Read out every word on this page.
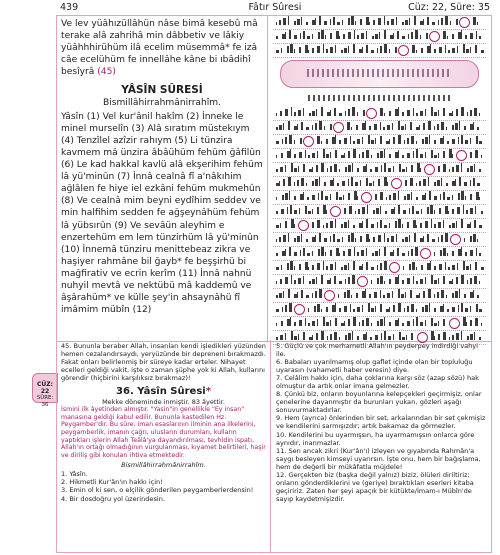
439	Fâtır Sûresi	Cüz: 22, Süre: 35
CÜZ: 22
SÜRE: 36

Ve lev yüâhızüllâhün nâse bimâ kesebû mâ terake alâ zahrihâ min dâbbetiv ve lâkiy yüâhhhirühüm ilâ ecelim müsemmâ* fe izâ câe ecelühüm fe innellâhe kâne bi ıbâdihî besîyrâ (45)

YÂSÎN SÛRESİ

Bismillâhirrahmânirrahîm.

Yâsîn (1) Vel kur'ânil hakîm (2) İnneke le minel murselîn (3) Alâ sıratım müstekıym (4) Tenzîlel azîzir rahıym (5) Li tünzira kavmem mâ ünzira âbâühüm fehüm ğâfilûn (6) Le kad hakkal kavlü alâ ekşerihim fehüm lâ yü'minûn (7) İnnâ cealnâ fî a'nâkıhim ağlâlen fe hiye iel ezkâni fehüm mukmehûn (8) Ve cealnâ mim beyni eydîhim seddev ve min halfihim sedden fe ağşeynâhüm fehüm lâ yübsırûn (9) Ve sevâün aleyhim e enzertehüm em lem tünzirhüm lâ yü'minûn (10) İnnemâ tünziru menittebeaz zikra ve haşiyer rahmâne bil ğayb* fe beşşirhü bi mağfirativ ve ecrin kerîm (11) İnnâ nahnü nuhyil mevtâ ve nektübü mâ kaddemû ve âşârahüm* ve külle şey'in ahsaynâhü fî imâmim mübîn (12)

45. Bununla beraber Allah, insanları kendi işledikleri yüzünden hemen cezalandırsaydı, yeryüzünde bir depreneni bırakmazdı. Fakat onları belirlenmiş bir süreye kadar erteler. Nihayet ecelleri geldiği vakit, işte o zaman şüphe yok ki Allah, kullarını görendir (hiçbirini karşılıksız bırakmaz)!

36. Yâsîn Sûresi*

Mekke döneminde inmiştir. 83 âyettir.

İsmini ilk âyetinden almıştır. "Yasin"in genellikle "Ey insan" manasına geldiği kabul edilir. Bununla kastedilen Hz. Peygamber'dir. Bu süre, iman esaslarının ilminin ana ilkelerini, peygamberlik, imanın çağrı, ulusların durumları, kulların yaptıkları işlerin Allah Teâlâ'ya dayandırılması, tevhidin ispatı, Allah'ın ortağı olmadığının vurgulanması, kıyamet belirtileri, haşir ve diriliş gibi konuları ihtiva etmektedir.

Bismillâhirrahmânirrahîm.

1. Yâsîn.
2. Hikmetli Kur'ân'ın hakkı için!
3. Emin ol ki sen, o elçilik gönderilen peygamberlerdensin!
4. Bir dosdoğru yol üzerindesin.

5. Güçlü ve çok merhametli Allah'ın peyderpey indirdiği vahyi ile.
6. Babaları uyarılmamış olup gaflet içinde olan bir topluluğu uyarasın (vahametli haber veresin) diye.
7. Celâlim hakkı için, daha çoklarına karşı söz (azap sözü) hak olmuştur da artık onlar imana gelmezler.
8. Çünkü biz, onların boyunlarına kelepçekleri geçirmişiz, onlar çenelerine dayanmıştır da burunları yukarı, gözleri aşağı sonuvurmaktadırlar.
9. Hem (ayrıca) önlerinden bir set, arkalarından bir set çekmişiz ve kendilerini sarmışızdır; artık bakamaz da görmezler.
10. Kendilerini bu uyarmışsın, ha uyarmamışsın onlarca göre aynıdır, inanmazlar.
11. Sen ancak zikri (Kur'ân'ı) izleyen ve gıyabında Rahmân'a saygı besleyen kimseyi uyarırsın. İşte onu, hem bir bağışlama, hem de değerli bir mükâfatla müjdele!
12. Gerçekten biz (başka değil yalnız) biziz, ölüleri diriltiriz; onların gönderdiklerini ve (geriye) bıraktıkları eserleri kitaba geçiririz. Zaten her şeyi apaçık bir kütükte/İmam-ı Mübîn'de sayıp kaydetmişizdir.
